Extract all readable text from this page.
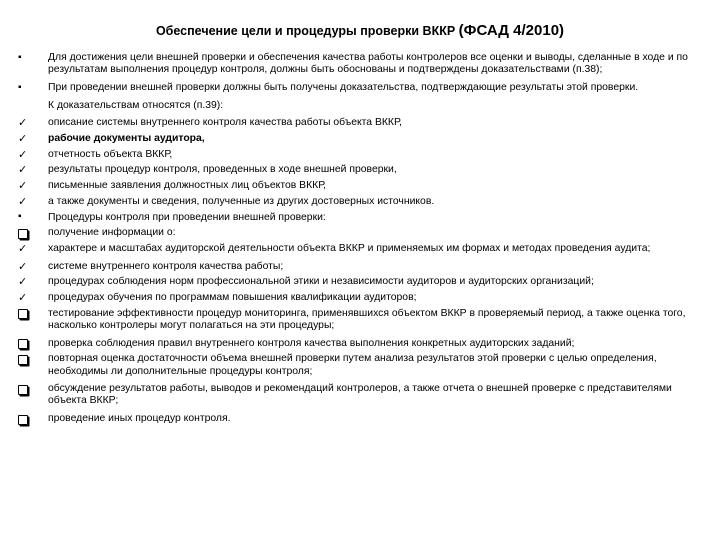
Обеспечение цели и процедуры проверки ВККР (ФСАД 4/2010)
▪
Для достижения цели внешней проверки и обеспечения качества работы контролеров все оценки и выводы, сделанные в ходе и по результатам выполнения процедур контроля, должны быть обоснованы и подтверждены доказательствами (п.38);
▪
При проведении внешней проверки должны быть получены доказательства, подтверждающие результаты этой проверки.
К доказательствам относятся (п.39):
✓
описание системы внутреннего контроля качества работы объекта ВККР,
✓
рабочие документы аудитора,
✓
отчетность объекта ВККР,
✓
результаты процедур контроля, проведенных в ходе внешней проверки,
✓
письменные заявления должностных лиц объектов ВККР,
✓
а также документы и сведения, полученные из других достоверных источников.
▪
Процедуры контроля при проведении внешней проверки:
получение информации о:
✓
характере и масштабах аудиторской деятельности объекта ВККР и применяемых им формах и методах проведения аудита;
✓
системе внутреннего контроля качества работы;
✓
процедурах соблюдения норм профессиональной этики и независимости аудиторов и аудиторских организаций;
✓
процедурах обучения по программам повышения квалификации аудиторов;
тестирование эффективности процедур мониторинга, применявшихся объектом ВККР в проверяемый период, а также оценка того, насколько контролеры могут полагаться на эти процедуры;
проверка соблюдения правил внутреннего контроля качества выполнения конкретных аудиторских заданий;
повторная оценка достаточности объема внешней проверки путем анализа результатов этой проверки с целью определения, необходимы ли дополнительные процедуры контроля;
обсуждение результатов работы, выводов и рекомендаций контролеров, а также отчета о внешней проверке с представителями объекта ВККР;
проведение иных процедур контроля.
